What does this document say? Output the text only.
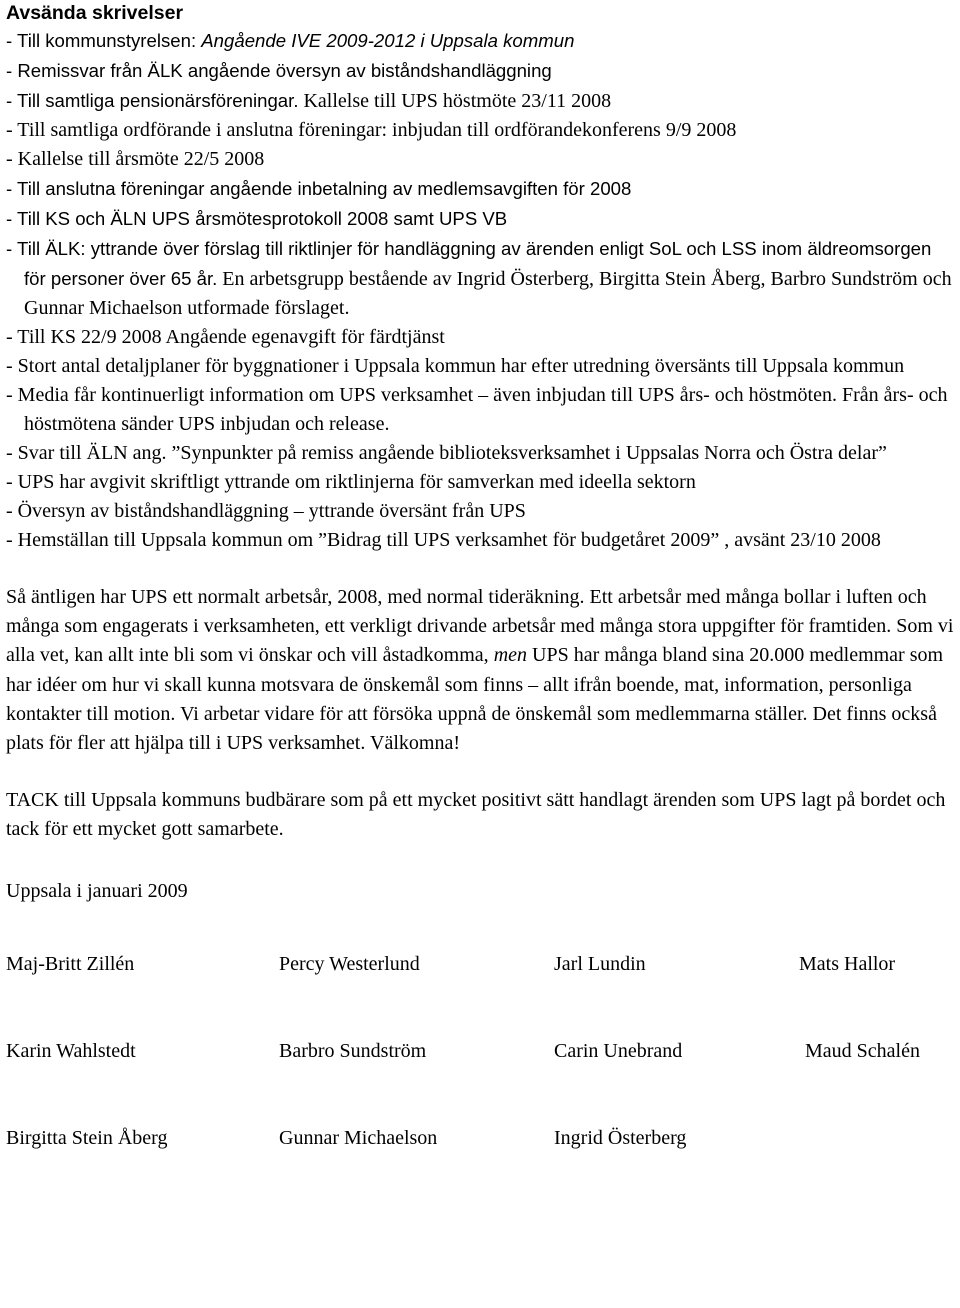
Avsända skrivelser
- Till kommunstyrelsen: Angående IVE 2009-2012 i Uppsala kommun
- Remissvar från ÄLK angående översyn av biståndshandläggning
- Till samtliga pensionärsföreningar. Kallelse till UPS höstmöte 23/11 2008
- Till samtliga ordförande i anslutna föreningar: inbjudan till ordförandekonferens 9/9 2008
- Kallelse till årsmöte 22/5 2008
- Till anslutna föreningar angående inbetalning av medlemsavgiften för 2008
- Till KS och ÄLN UPS årsmötesprotokoll 2008 samt UPS VB
- Till ÄLK: yttrande över förslag till riktlinjer för handläggning av ärenden enligt SoL och LSS inom äldreomsorgen för personer över 65 år. En arbetsgrupp bestående av Ingrid Österberg, Birgitta Stein Åberg, Barbro Sundström och Gunnar Michaelson utformade förslaget.
- Till KS 22/9 2008 Angående egenavgift för färdtjänst
- Stort antal detaljplaner för byggnationer i Uppsala kommun har efter utredning översänts till Uppsala kommun
- Media får kontinuerligt information om UPS verksamhet – även inbjudan till UPS års- och höstmöten. Från års- och höstmötena sänder UPS inbjudan och release.
- Svar till ÄLN ang. ”Synpunkter på remiss angående biblioteksverksamhet i Uppsalas Norra och Östra delar”
- UPS har avgivit skriftligt yttrande om riktlinjerna för samverkan med ideella sektorn
- Översyn av biståndshandläggning – yttrande översänt från UPS
- Hemställan till Uppsala kommun om ”Bidrag till UPS verksamhet för budgetåret 2009” , avsänt 23/10 2008

Så äntligen har UPS ett normalt arbetsår, 2008, med normal tideräkning. Ett arbetsår med många bollar i luften och många som engagerats i verksamheten, ett verkligt drivande arbetsår med många stora uppgifter för framtiden. Som vi alla vet, kan allt inte bli som vi önskar och vill åstadkomma, men UPS har många bland sina 20.000 medlemmar som har idéer om hur vi skall kunna motsvara de önskemål som finns – allt ifrån boende, mat, information, personliga kontakter till motion. Vi arbetar vidare för att försöka uppnå de önskemål som medlemmarna ställer. Det finns också plats för fler att hjälpa till i UPS verksamhet. Välkomna!

TACK till Uppsala kommuns budbärare som på ett mycket positivt sätt handlagt ärenden som UPS lagt på bordet och tack för ett mycket gott samarbete.

Uppsala i januari 2009
Maj-Britt Zillén	Percy Westerlund	Jarl Lundin	Mats Hallor
Karin Wahlstedt	Barbro Sundström	Carin Unebrand	Maud Schalén
Birgitta Stein Åberg	Gunnar Michaelson	Ingrid Österberg
